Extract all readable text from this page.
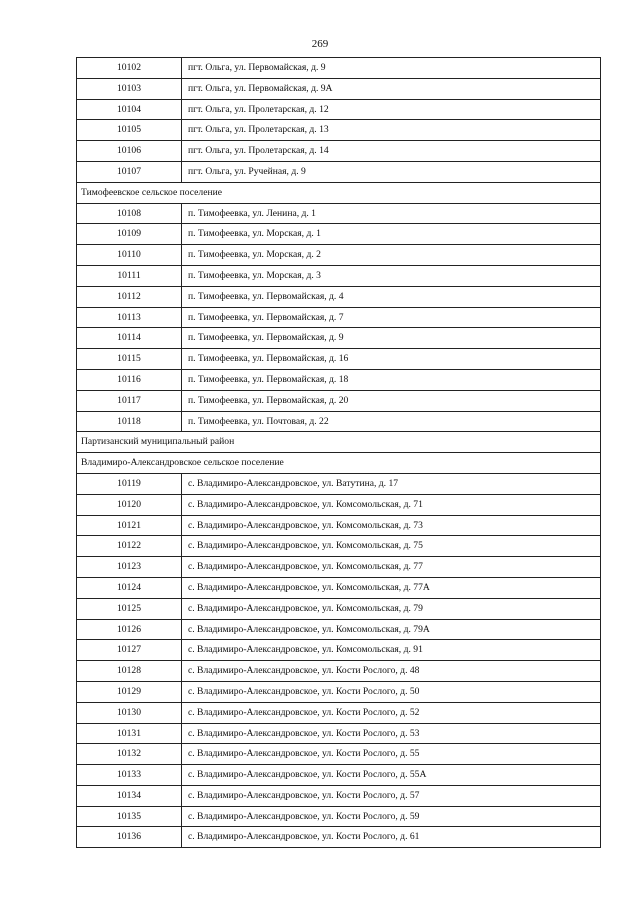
269
10102	пгт. Ольга, ул. Первомайская, д. 9
10103	пгт. Ольга, ул. Первомайская, д. 9А
10104	пгт. Ольга, ул. Пролетарская, д. 12
10105	пгт. Ольга, ул. Пролетарская, д. 13
10106	пгт. Ольга, ул. Пролетарская, д. 14
10107	пгт. Ольга, ул. Ручейная, д. 9
Тимофеевское сельское поселение	
10108	п. Тимофеевка, ул. Ленина, д. 1
10109	п. Тимофеевка, ул. Морская, д. 1
10110	п. Тимофеевка, ул. Морская, д. 2
10111	п. Тимофеевка, ул. Морская, д. 3
10112	п. Тимофеевка, ул. Первомайская, д. 4
10113	п. Тимофеевка, ул. Первомайская, д. 7
10114	п. Тимофеевка, ул. Первомайская, д. 9
10115	п. Тимофеевка, ул. Первомайская, д. 16
10116	п. Тимофеевка, ул. Первомайская, д. 18
10117	п. Тимофеевка, ул. Первомайская, д. 20
10118	п. Тимофеевка, ул. Почтовая, д. 22
Партизанский муниципальный район	
Владимиро-Александровское сельское поселение	
10119	с. Владимиро-Александровское, ул. Ватутина, д. 17
10120	с. Владимиро-Александровское, ул. Комсомольская, д. 71
10121	с. Владимиро-Александровское, ул. Комсомольская, д. 73
10122	с. Владимиро-Александровское, ул. Комсомольская, д. 75
10123	с. Владимиро-Александровское, ул. Комсомольская, д. 77
10124	с. Владимиро-Александровское, ул. Комсомольская, д. 77А
10125	с. Владимиро-Александровское, ул. Комсомольская, д. 79
10126	с. Владимиро-Александровское, ул. Комсомольская, д. 79А
10127	с. Владимиро-Александровское, ул. Комсомольская, д. 91
10128	с. Владимиро-Александровское, ул. Кости Рослого, д. 48
10129	с. Владимиро-Александровское, ул. Кости Рослого, д. 50
10130	с. Владимиро-Александровское, ул. Кости Рослого, д. 52
10131	с. Владимиро-Александровское, ул. Кости Рослого, д. 53
10132	с. Владимиро-Александровское, ул. Кости Рослого, д. 55
10133	с. Владимиро-Александровское, ул. Кости Рослого, д. 55А
10134	с. Владимиро-Александровское, ул. Кости Рослого, д. 57
10135	с. Владимиро-Александровское, ул. Кости Рослого, д. 59
10136	с. Владимиро-Александровское, ул. Кости Рослого, д. 61
